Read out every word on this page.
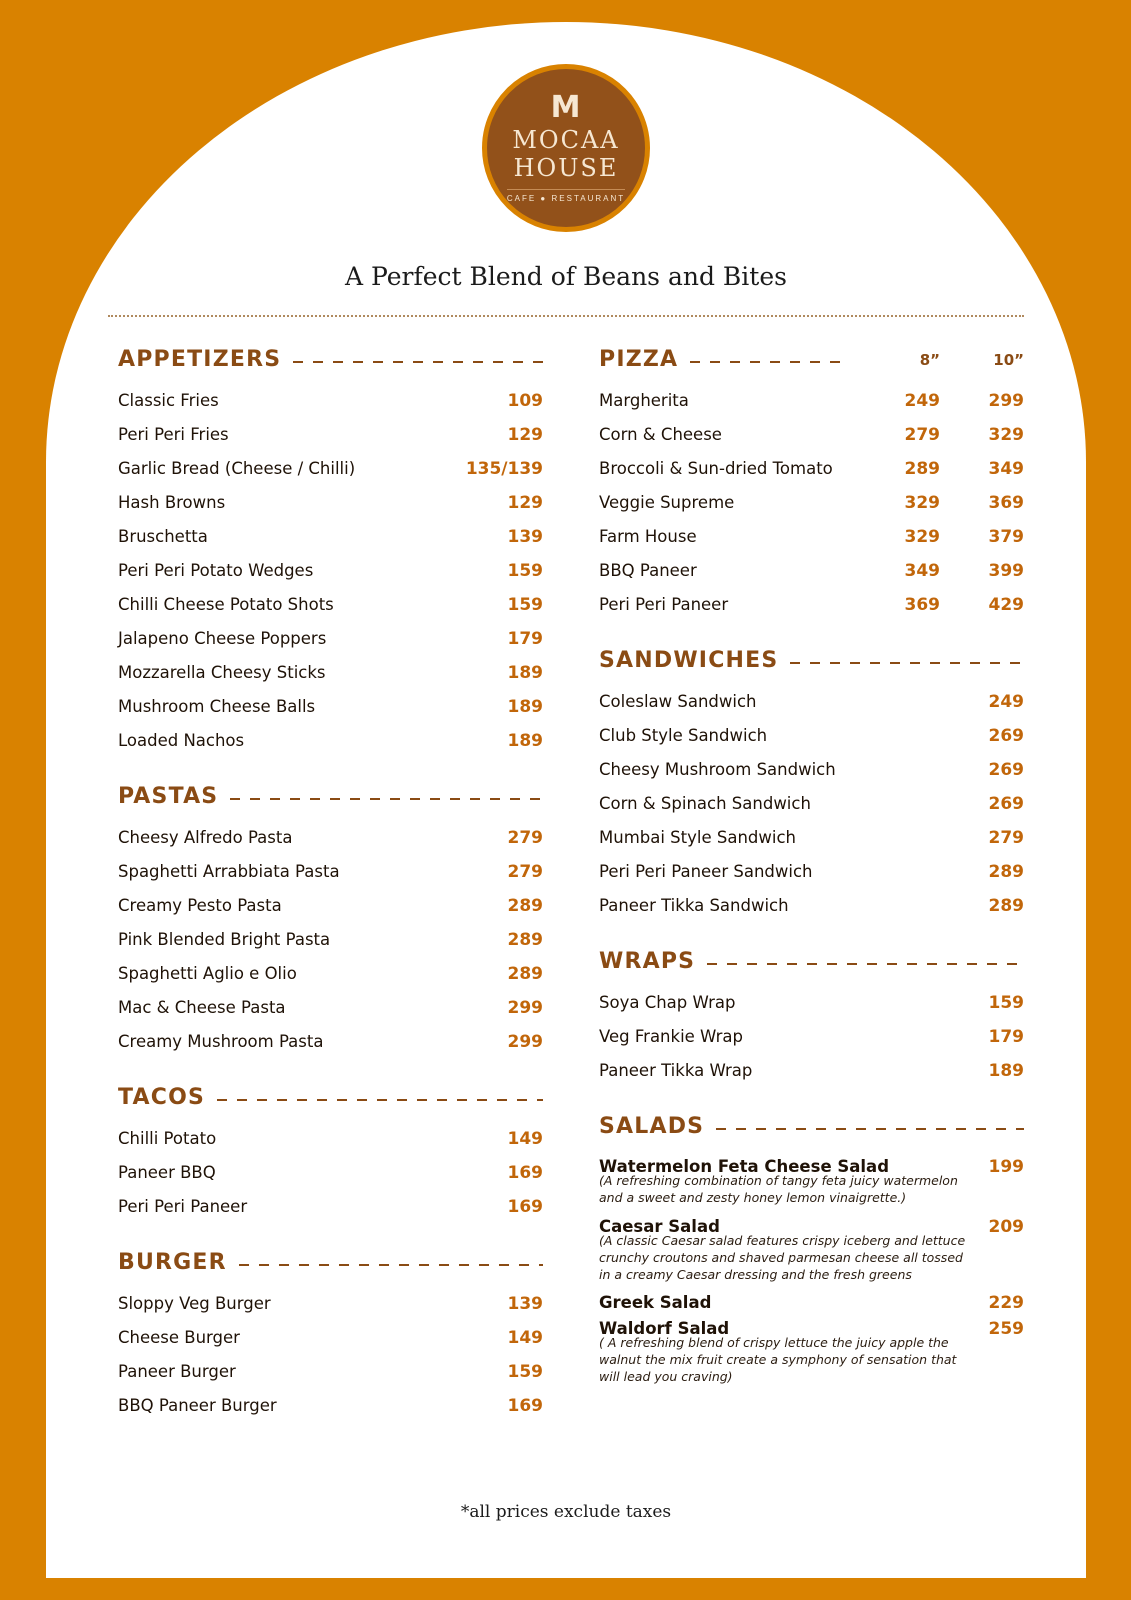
M
MOCAA
HOUSE
CAFE ● RESTAURANT
A Perfect Blend of Beans and Bites
APPETIZERS
Classic Fries	109
Peri Peri Fries	129
Garlic Bread (Cheese / Chilli)	135/139
Hash Browns	129
Bruschetta	139
Peri Peri Potato Wedges	159
Chilli Cheese Potato Shots	159
Jalapeno Cheese Poppers	179
Mozzarella Cheesy Sticks	189
Mushroom Cheese Balls	189
Loaded Nachos	189
PASTAS
Cheesy Alfredo Pasta	279
Spaghetti Arrabbiata Pasta	279
Creamy Pesto Pasta	289
Pink Blended Bright Pasta	289
Spaghetti Aglio e Olio	289
Mac & Cheese Pasta	299
Creamy Mushroom Pasta	299
TACOS
Chilli Potato	149
Paneer BBQ	169
Peri Peri Paneer	169
BURGER
Sloppy Veg Burger	139
Cheese Burger	149
Paneer Burger	159
BBQ Paneer Burger	169
PIZZA	8”	10”
Margherita	249	299
Corn & Cheese	279	329
Broccoli & Sun-dried Tomato	289	349
Veggie Supreme	329	369
Farm House	329	379
BBQ Paneer	349	399
Peri Peri Paneer	369	429
SANDWICHES
Coleslaw Sandwich	249
Club Style Sandwich	269
Cheesy Mushroom Sandwich	269
Corn & Spinach Sandwich	269
Mumbai Style Sandwich	279
Peri Peri Paneer Sandwich	289
Paneer Tikka Sandwich	289
WRAPS
Soya Chap Wrap	159
Veg Frankie Wrap	179
Paneer Tikka Wrap	189
SALADS
Watermelon Feta Cheese Salad	199
(A refreshing combination of tangy feta juicy watermelon and a sweet and zesty honey lemon vinaigrette.)
Caesar Salad	209
(A classic Caesar salad features crispy iceberg and lettuce crunchy croutons and shaved parmesan cheese all tossed in a creamy Caesar dressing and the fresh greens
Greek Salad	229
Waldorf Salad	259
( A refreshing blend of crispy lettuce the juicy apple the walnut the mix fruit create a symphony of sensation that will lead you craving)
*all prices exclude taxes
